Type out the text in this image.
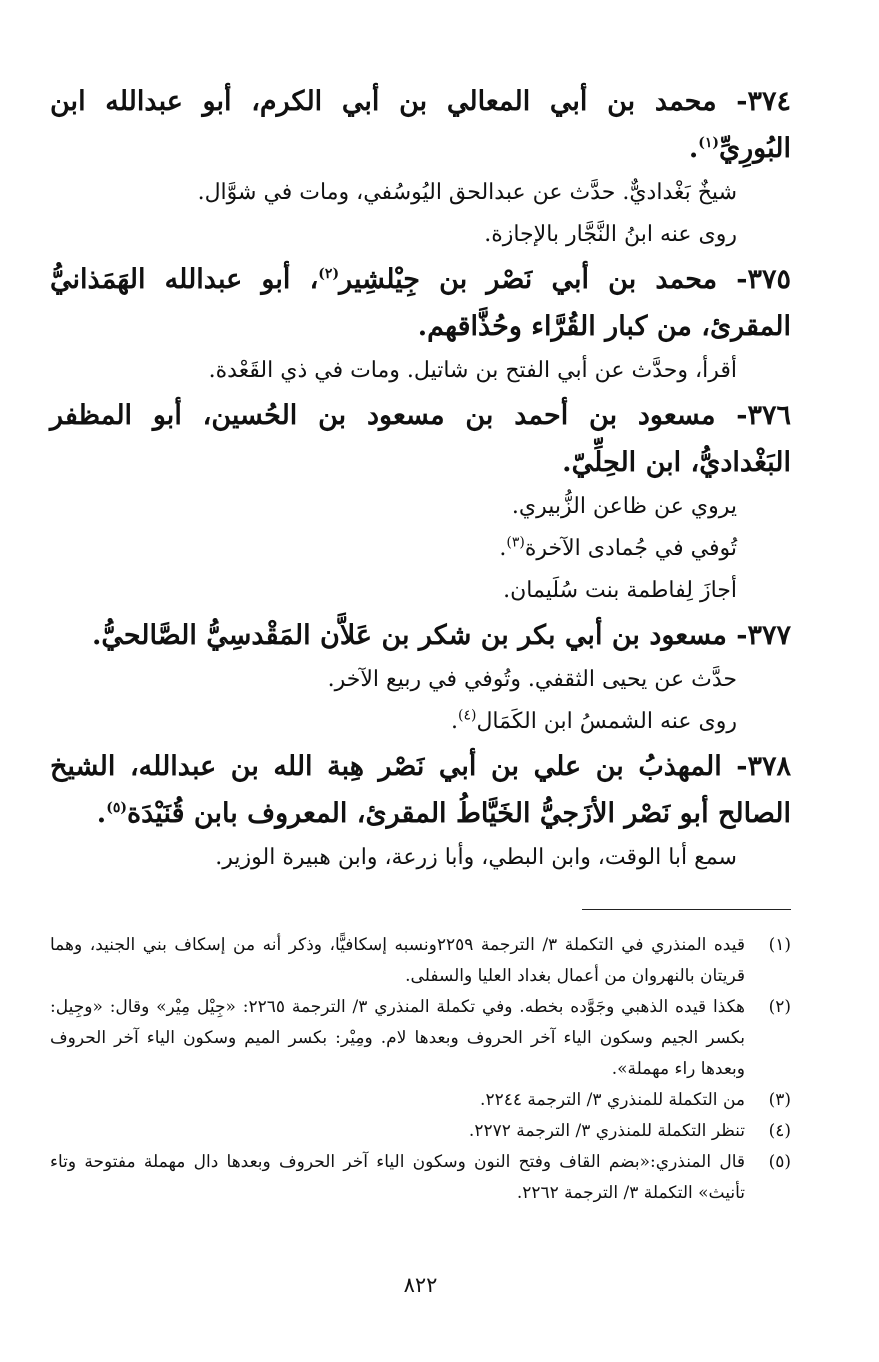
٣٧٤- محمد بن أبي المعالي بن أبي الكرم، أبو عبدالله ابن البُورِيِّ$^{(١)}$.

شيخٌ بَغْداديٌّ. حدَّث عن عبدالحق اليُوسُفي، ومات في شوَّال.

روى عنه ابنُ النَّجَّار بالإجازة.

٣٧٥- محمد بن أبي نَصْر بن جِيْلشِير$^{(٢)}$، أبو عبدالله الهَمَذانيُّ المقرئ، من كبار القُرَّاء وحُذَّاقهم.

أقرأ، وحدَّث عن أبي الفتح بن شاتيل. ومات في ذي القَعْدة.

٣٧٦- مسعود بن أحمد بن مسعود بن الحُسين، أبو المظفر البَغْداديُّ، ابن الحِلِّيّ.

يروي عن ظاعن الزُّبيري.

تُوفي في جُمادى الآخرة$^{(٣)}$.

أجازَ لِفاطمة بنت سُلَيمان.

٣٧٧- مسعود بن أبي بكر بن شكر بن عَلاَّن المَقْدسِيُّ الصَّالحيُّ.

حدَّث عن يحيى الثقفي. وتُوفي في ربيع الآخر.

روى عنه الشمسُ ابن الكَمَال$^{(٤)}$.

٣٧٨- المهذبُ بن علي بن أبي نَصْر هِبة الله بن عبدالله، الشيخ الصالح أبو نَصْر الأزَجيُّ الخَيَّاطُ المقرئ، المعروف بابن قُنَيْدَة$^{(٥)}$.

سمع أبا الوقت، وابن البطي، وأبا زرعة، وابن هبيرة الوزير.

(١)
قيده المنذري في التكملة ٣/ الترجمة ٢٢٥٩ونسبه إسكافيًّا، وذكر أنه من إسكاف بني الجنيد، وهما قريتان بالنهروان من أعمال بغداد العليا والسفلى.
(٢)
هكذا قيده الذهبي وجَوَّده بخطه. وفي تكملة المنذري ٣/ الترجمة ٢٢٦٥: «جِيْل مِيْر» وقال: «وجِيل: بكسر الجيم وسكون الياء آخر الحروف وبعدها لام. ومِيْر: بكسر الميم وسكون الياء آخر الحروف وبعدها راء مهملة».
(٣)
من التكملة للمنذري ٣/ الترجمة ٢٢٤٤.
(٤)
تنظر التكملة للمنذري ٣/ الترجمة ٢٢٧٢.
(٥)
قال المنذري:«بضم القاف وفتح النون وسكون الياء آخر الحروف وبعدها دال مهملة مفتوحة وتاء تأنيث» التكملة ٣/ الترجمة ٢٢٦٢.
٨٢٢
